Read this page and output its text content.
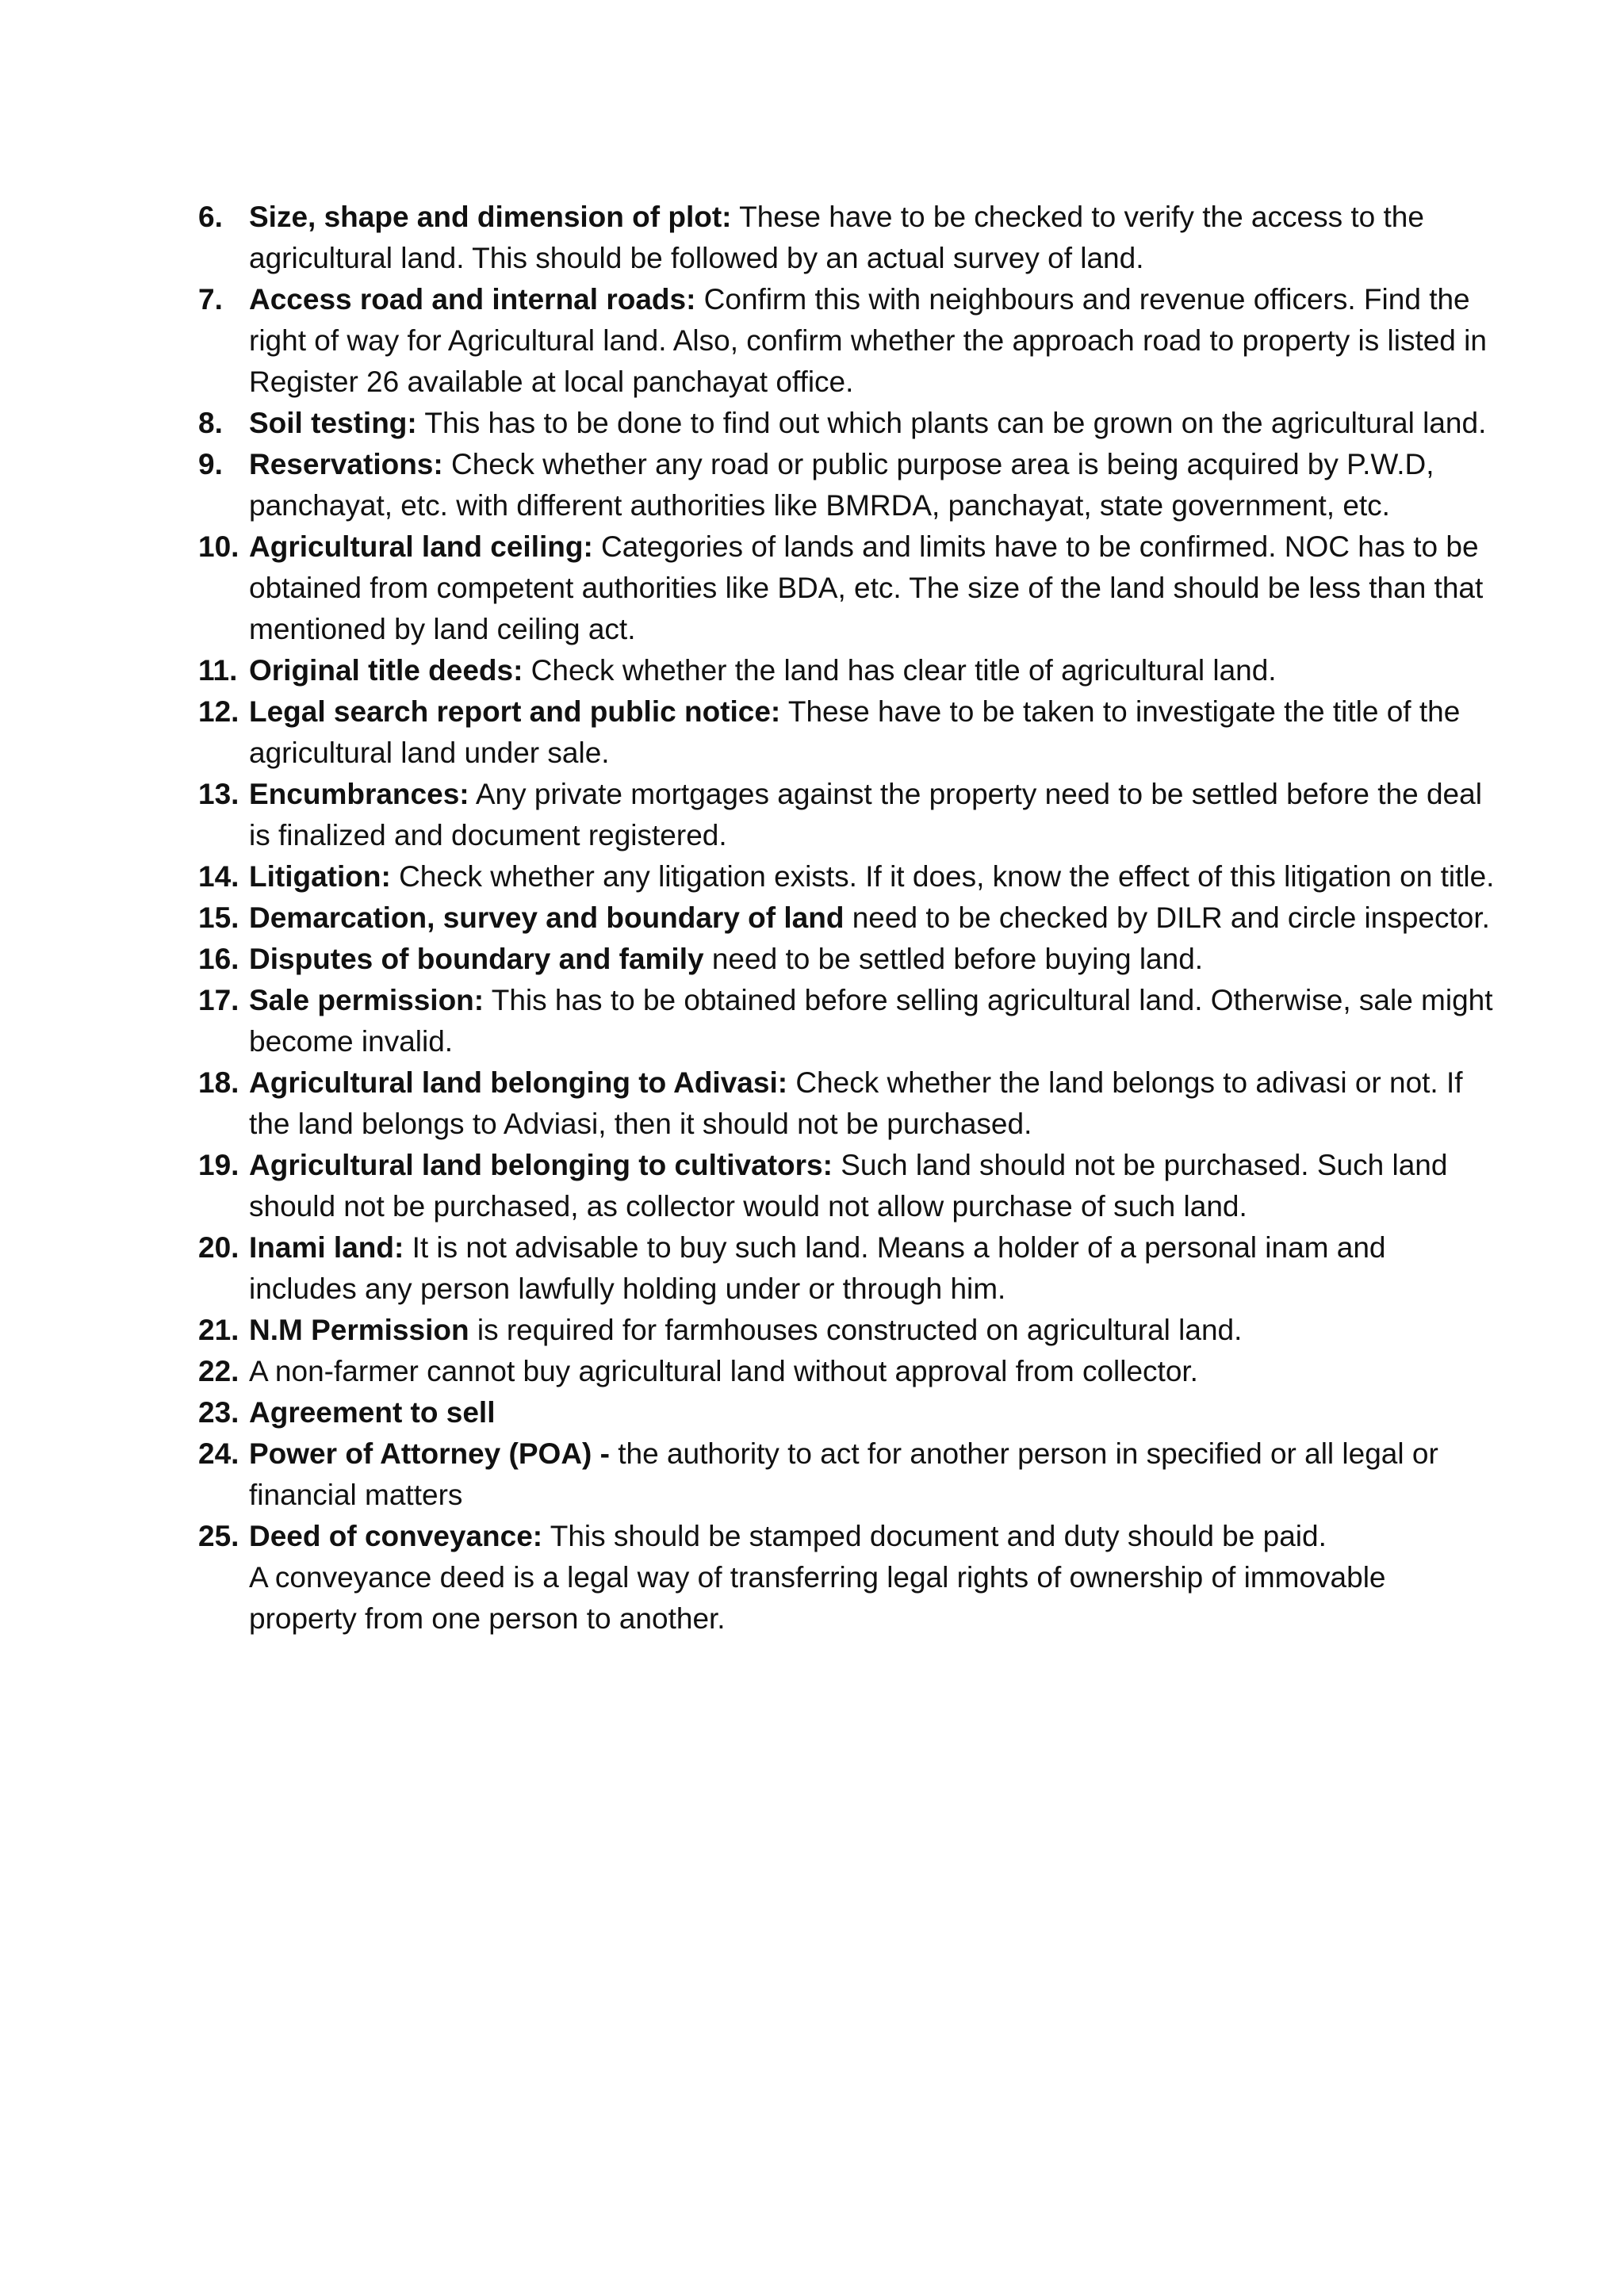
6. Size, shape and dimension of plot: These have to be checked to verify the access to the agricultural land. This should be followed by an actual survey of land.
7. Access road and internal roads: Confirm this with neighbours and revenue officers. Find the right of way for Agricultural land. Also, confirm whether the approach road to property is listed in Register 26 available at local panchayat office.
8. Soil testing: This has to be done to find out which plants can be grown on the agricultural land.
9. Reservations: Check whether any road or public purpose area is being acquired by P.W.D, panchayat, etc. with different authorities like BMRDA, panchayat, state government, etc.
10. Agricultural land ceiling: Categories of lands and limits have to be confirmed. NOC has to be obtained from competent authorities like BDA, etc. The size of the land should be less than that mentioned by land ceiling act.
11. Original title deeds: Check whether the land has clear title of agricultural land.
12. Legal search report and public notice: These have to be taken to investigate the title of the agricultural land under sale.
13. Encumbrances: Any private mortgages against the property need to be settled before the deal is finalized and document registered.
14. Litigation: Check whether any litigation exists. If it does, know the effect of this litigation on title.
15. Demarcation, survey and boundary of land need to be checked by DILR and circle inspector.
16. Disputes of boundary and family need to be settled before buying land.
17. Sale permission: This has to be obtained before selling agricultural land. Otherwise, sale might become invalid.
18. Agricultural land belonging to Adivasi: Check whether the land belongs to adivasi or not. If the land belongs to Adviasi, then it should not be purchased.
19. Agricultural land belonging to cultivators: Such land should not be purchased. Such land should not be purchased, as collector would not allow purchase of such land.
20. Inami land: It is not advisable to buy such land. Means a holder of a personal inam and includes any person lawfully holding under or through him.
21. N.M Permission is required for farmhouses constructed on agricultural land.
22. A non-farmer cannot buy agricultural land without approval from collector.
23. Agreement to sell
24. Power of Attorney (POA) - the authority to act for another person in specified or all legal or financial matters
25. Deed of conveyance: This should be stamped document and duty should be paid.
A conveyance deed is a legal way of transferring legal rights of ownership of immovable property from one person to another.
